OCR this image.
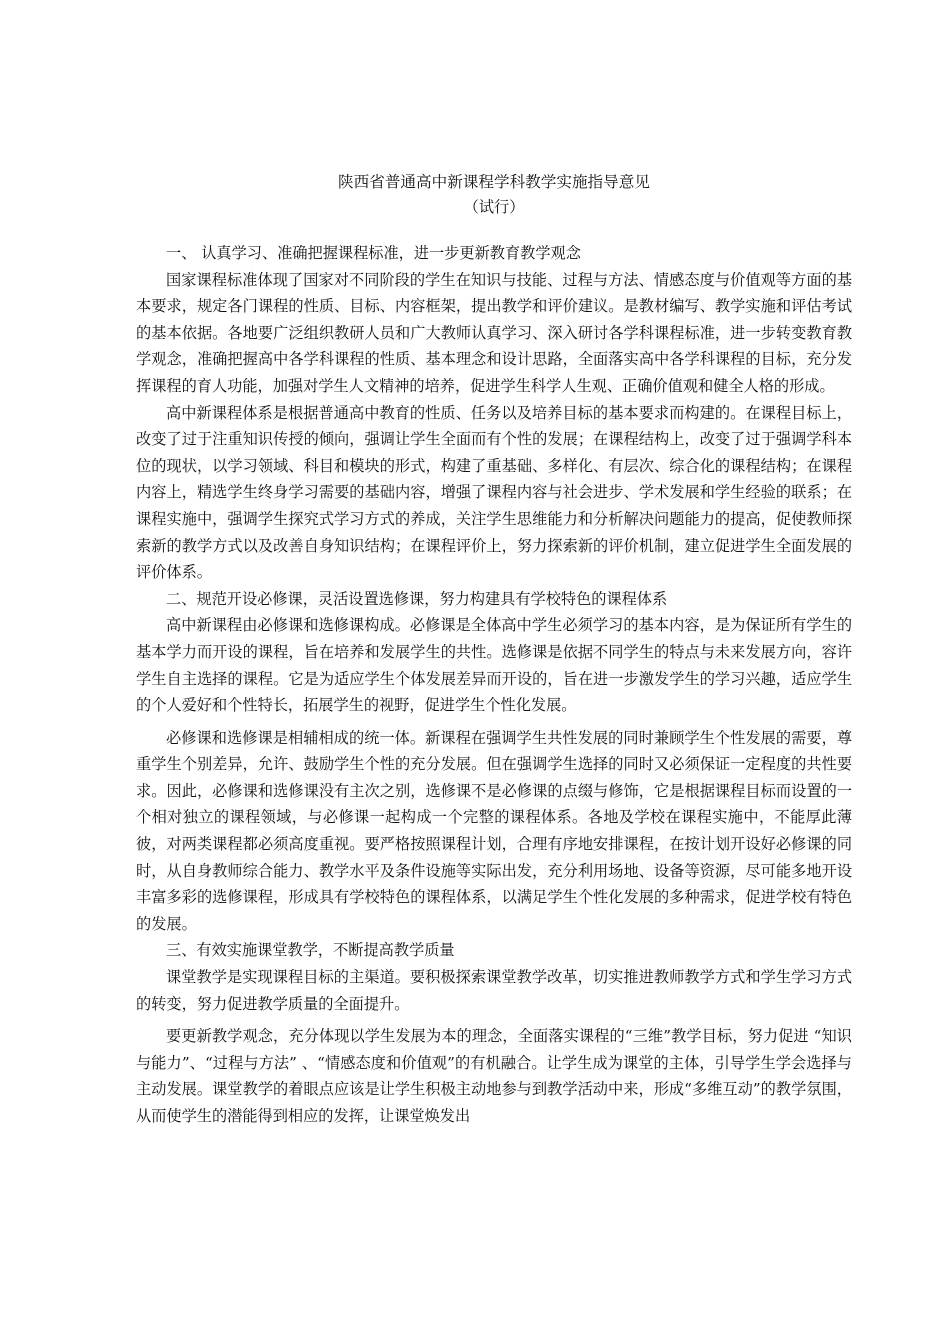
陕西省普通高中新课程学科教学实施指导意见

（试行）

一、 认真学习、准确把握课程标准，进一步更新教育教学观念

国家课程标准体现了国家对不同阶段的学生在知识与技能、过程与方法、情感态度与价值观等方面的基本要求，规定各门课程的性质、目标、内容框架，提出教学和评价建议。是教材编写、教学实施和评估考试的基本依据。各地要广泛组织教研人员和广大教师认真学习、深入研讨各学科课程标准，进一步转变教育教学观念，准确把握高中各学科课程的性质、基本理念和设计思路，全面落实高中各学科课程的目标，充分发挥课程的育人功能，加强对学生人文精神的培养，促进学生科学人生观、正确价值观和健全人格的形成。

高中新课程体系是根据普通高中教育的性质、任务以及培养目标的基本要求而构建的。在课程目标上，改变了过于注重知识传授的倾向，强调让学生全面而有个性的发展；在课程结构上，改变了过于强调学科本位的现状，以学习领域、科目和模块的形式，构建了重基础、多样化、有层次、综合化的课程结构；在课程内容上，精选学生终身学习需要的基础内容，增强了课程内容与社会进步、学术发展和学生经验的联系；在课程实施中，强调学生探究式学习方式的养成，关注学生思维能力和分析解决问题能力的提高，促使教师探索新的教学方式以及改善自身知识结构；在课程评价上，努力探索新的评价机制，建立促进学生全面发展的评价体系。

二、规范开设必修课，灵活设置选修课，努力构建具有学校特色的课程体系

高中新课程由必修课和选修课构成。必修课是全体高中学生必须学习的基本内容，是为保证所有学生的基本学力而开设的课程，旨在培养和发展学生的共性。选修课是依据不同学生的特点与未来发展方向，容许学生自主选择的课程。它是为适应学生个体发展差异而开设的，旨在进一步激发学生的学习兴趣，适应学生的个人爱好和个性特长，拓展学生的视野，促进学生个性化发展。

必修课和选修课是相辅相成的统一体。新课程在强调学生共性发展的同时兼顾学生个性发展的需要，尊重学生个别差异，允许、鼓励学生个性的充分发展。但在强调学生选择的同时又必须保证一定程度的共性要求。因此，必修课和选修课没有主次之别，选修课不是必修课的点缀与修饰，它是根据课程目标而设置的一个相对独立的课程领域，与必修课一起构成一个完整的课程体系。各地及学校在课程实施中，不能厚此薄彼，对两类课程都必须高度重视。要严格按照课程计划，合理有序地安排课程，在按计划开设好必修课的同时，从自身教师综合能力、教学水平及条件设施等实际出发，充分利用场地、设备等资源，尽可能多地开设丰富多彩的选修课程，形成具有学校特色的课程体系，以满足学生个性化发展的多种需求，促进学校有特色的发展。

三、有效实施课堂教学，不断提高教学质量

课堂教学是实现课程目标的主渠道。要积极探索课堂教学改革，切实推进教师教学方式和学生学习方式的转变，努力促进教学质量的全面提升。

要更新教学观念，充分体现以学生发展为本的理念，全面落实课程的“三维”教学目标，努力促进 “知识与能力”、“过程与方法” 、“情感态度和价值观”的有机融合。让学生成为课堂的主体，引导学生学会选择与主动发展。课堂教学的着眼点应该是让学生积极主动地参与到教学活动中来，形成“多维互动”的教学氛围，从而使学生的潜能得到相应的发挥，让课堂焕发出
